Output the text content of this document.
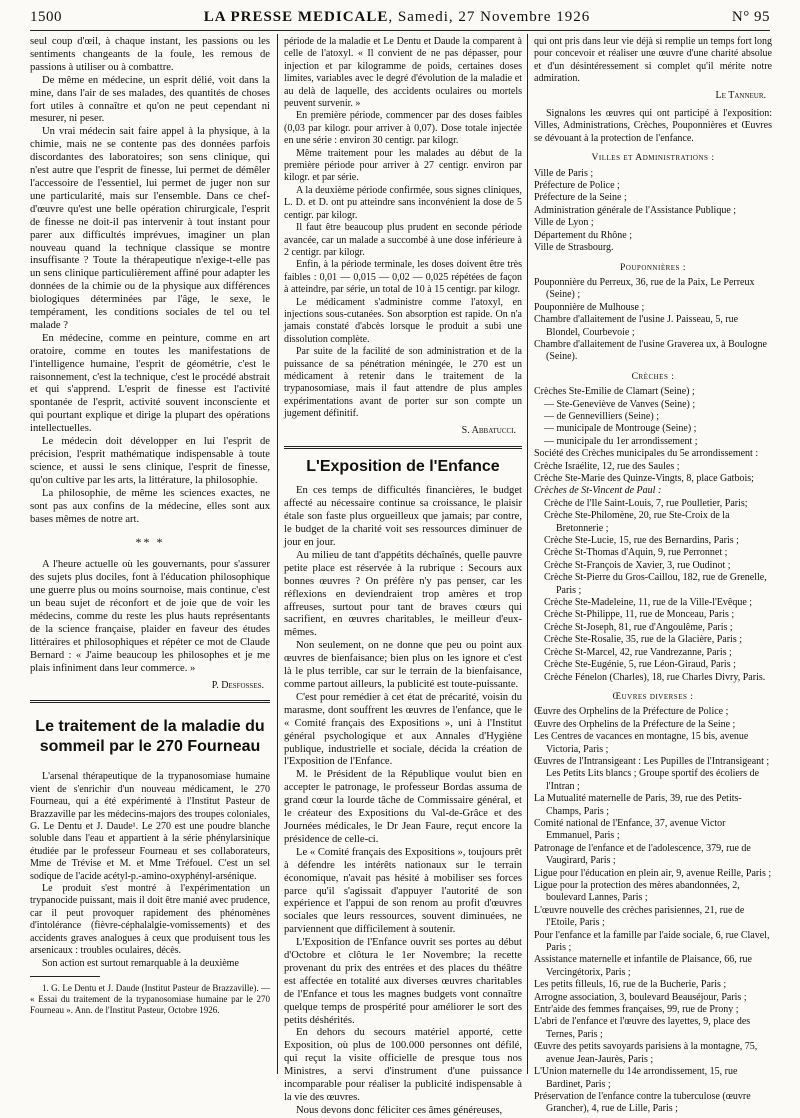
1500	LA PRESSE MEDICALE, Samedi, 27 Novembre 1926	N° 95

seul coup d'œil, à chaque instant, les passions ou les sentiments changeants de la foule, les remous de passions à utiliser ou à combattre.

De même en médecine, un esprit délié, voit dans la mine, dans l'air de ses malades, des quantités de choses fort utiles à connaître et qu'on ne peut cependant ni mesurer, ni peser.

Un vrai médecin sait faire appel à la physique, à la chimie, mais ne se contente pas des données parfois discordantes des laboratoires; son sens clinique, qui n'est autre que l'esprit de finesse, lui permet de démêler l'accessoire de l'essentiel, lui permet de juger non sur une particularité, mais sur l'ensemble. Dans ce chef-d'œuvre qu'est une belle opération chirurgicale, l'esprit de finesse ne doit-il pas intervenir à tout instant pour parer aux difficultés imprévues, imaginer un plan nouveau quand la technique classique se montre insuffisante ? Toute la thérapeutique n'exige-t-elle pas un sens clinique particulièrement affiné pour adapter les données de la chimie ou de la physique aux différences biologiques déterminées par l'âge, le sexe, le tempérament, les conditions sociales de tel ou tel malade ?

En médecine, comme en peinture, comme en art oratoire, comme en toutes les manifestations de l'intelligence humaine, l'esprit de géométrie, c'est le raisonnement, c'est la technique, c'est le procédé abstrait et qui s'apprend. L'esprit de finesse est l'activité spontanée de l'esprit, activité souvent inconsciente et qui pourtant explique et dirige la plupart des opérations intellectuelles.

Le médecin doit développer en lui l'esprit de précision, l'esprit mathématique indispensable à toute science, et aussi le sens clinique, l'esprit de finesse, qu'on cultive par les arts, la littérature, la philosophie.

La philosophie, de même les sciences exactes, ne sont pas aux confins de la médecine, elles sont aux bases mêmes de notre art.

** *

A l'heure actuelle où les gouvernants, pour s'assurer des sujets plus dociles, font à l'éducation philosophique une guerre plus ou moins sournoise, mais continue, c'est un beau sujet de réconfort et de joie que de voir les médecins, comme du reste les plus hauts représentants de la science française, plaider en faveur des études littéraires et philosophiques et répéter ce mot de Claude Bernard : « J'aime beaucoup les philosophes et je me plais infiniment dans leur commerce. »

P. Desfosses.
Le traitement de la maladie du sommeil par le 270 Fourneau

L'arsenal thérapeutique de la trypanosomiase humaine vient de s'enrichir d'un nouveau médicament, le 270 Fourneau, qui a été expérimenté à l'Institut Pasteur de Brazzaville par les médecins-majors des troupes coloniales, G. Le Dentu et J. Daude¹. Le 270 est une poudre blanche soluble dans l'eau et appartient à la série phénylarsinique étudiée par le professeur Fourneau et ses collaborateurs, Mme de Trévise et M. et Mme Tréfouel. C'est un sel sodique de l'acide acétyl-p.-amino-oxyphényl-arsénique.

Le produit s'est montré à l'expérimentation un trypanocide puissant, mais il doit être manié avec prudence, car il peut provoquer rapidement des phénomènes d'intolérance (fièvre-céphalalgie-vomissements) et des accidents graves analogues à ceux que produisent tous les arsenicaux : troubles oculaires, décès.

Son action est surtout remarquable à la deuxième

1. G. Le Dentu et J. Daude (Institut Pasteur de Brazzaville). — « Essai du traitement de la trypanosomiase humaine par le 270 Fourneau ». Ann. de l'Institut Pasteur, Octobre 1926.

période de la maladie et Le Dentu et Daude la comparent à celle de l'atoxyl. « Il convient de ne pas dépasser, pour injection et par kilogramme de poids, certaines doses limites, variables avec le degré d'évolution de la maladie et au delà de laquelle, des accidents oculaires ou mortels peuvent survenir. »

En première période, commencer par des doses faibles (0,03 par kilogr. pour arriver à 0,07). Dose totale injectée en une série : environ 30 centigr. par kilogr.

Même traitement pour les malades au début de la première période pour arriver à 27 centigr. environ par kilogr. et par série.

A la deuxième période confirmée, sous signes cliniques, L. D. et D. ont pu atteindre sans inconvénient la dose de 5 centigr. par kilogr.

Il faut être beaucoup plus prudent en seconde période avancée, car un malade a succombé à une dose inférieure à 2 centigr. par kilogr.

Enfin, à la période terminale, les doses doivent être très faibles : 0,01 — 0,015 — 0,02 — 0,025 répétées de façon à atteindre, par série, un total de 10 à 15 centigr. par kilogr.

Le médicament s'administre comme l'atoxyl, en injections sous-cutanées. Son absorption est rapide. On n'a jamais constaté d'abcès lorsque le produit a subi une dissolution complète.

Par suite de la facilité de son administration et de la puissance de sa pénétration méningée, le 270 est un médicament à retenir dans le traitement de la trypanosomiase, mais il faut attendre de plus amples expérimentations avant de porter sur son compte un jugement définitif.

S. Abbatucci.
L'Exposition de l'Enfance

En ces temps de difficultés financières, le budget affecté au nécessaire continue sa croissance, le plaisir étale son faste plus orgueilleux que jamais; par contre, le budget de la charité voit ses ressources diminuer de jour en jour.

Au milieu de tant d'appétits déchaînés, quelle pauvre petite place est réservée à la rubrique : Secours aux bonnes œuvres ? On préfère n'y pas penser, car les réflexions en deviendraient trop amères et trop affreuses, surtout pour tant de braves cœurs qui sacrifient, en œuvres charitables, le meilleur d'eux-mêmes.

Non seulement, on ne donne que peu ou point aux œuvres de bienfaisance; bien plus on les ignore et c'est là le plus terrible, car sur le terrain de la bienfaisance, comme partout ailleurs, la publicité est toute-puissante.

C'est pour remédier à cet état de précarité, voisin du marasme, dont souffrent les œuvres de l'enfance, que le « Comité français des Expositions », uni à l'Institut général psychologique et aux Annales d'Hygiène publique, industrielle et sociale, décida la création de l'Exposition de l'Enfance.

M. le Président de la République voulut bien en accepter le patronage, le professeur Bordas assuma de grand cœur la lourde tâche de Commissaire général, et le créateur des Expositions du Val-de-Grâce et des Journées médicales, le Dr Jean Faure, reçut encore la présidence de celle-ci.

Le « Comité français des Expositions », toujours prêt à défendre les intérêts nationaux sur le terrain économique, n'avait pas hésité à mobiliser ses forces parce qu'il s'agissait d'appuyer l'autorité de son expérience et l'appui de son renom au profit d'œuvres sociales que leurs ressources, souvent diminuées, ne parviennent que difficilement à soutenir.

L'Exposition de l'Enfance ouvrit ses portes au début d'Octobre et clôtura le 1er Novembre; la recette provenant du prix des entrées et des places du théâtre est affectée en totalité aux diverses œuvres charitables de l'Enfance et tous les magnes budgets vont connaître quelque temps de prospérité pour améliorer le sort des petits déshérités.

En dehors du secours matériel apporté, cette Exposition, où plus de 100.000 personnes ont défilé, qui reçut la visite officielle de presque tous nos Ministres, a servi d'instrument d'une puissance incomparable pour réaliser la publicité indispensable à la vie des œuvres.

Nous devons donc féliciter ces âmes généreuses,

qui ont pris dans leur vie déjà si remplie un temps fort long pour concevoir et réaliser une œuvre d'une charité absolue et d'un désintéressement si complet qu'il mérite notre admiration.

Le Tanneur.

Signalons les œuvres qui ont participé à l'exposition: Villes, Administrations, Crèches, Pouponnières et Œuvres se dévouant à la protection de l'enfance.

Villes et Administrations :
Ville de Paris ;
Préfecture de Police ;
Préfecture de la Seine ;
Administration générale de l'Assistance Publique ;
Ville de Lyon ;
Département du Rhône ;
Ville de Strasbourg.
Pouponnières :
Pouponnière du Perreux, 36, rue de la Paix, Le Perreux (Seine) ;
Pouponnière de Mulhouse ;
Chambre d'allaitement de l'usine J. Paisseau, 5, rue Blondel, Courbevoie ;
Chambre d'allaitement de l'usine Graverea ux, à Boulogne (Seine).
Crèches :
Crèches Ste-Emilie de Clamart (Seine) ;
— Ste-Geneviève de Vanves (Seine) ;
— de Gennevilliers (Seine) ;
— municipale de Montrouge (Seine) ;
— municipale du 1er arrondissement ;
Société des Crèches municipales du 5e arrondissement :
Crèche Israélite, 12, rue des Saules ;
Crèche Ste-Marie des Quinze-Vingts, 8, place Gatbois;
Crèches de St-Vincent de Paul :
Crèche de l'Ile Saint-Louis, 7, rue Poulletier, Paris;
Crèche Ste-Philomène, 20, rue Ste-Croix de la Bretonnerie ;
Crèche Ste-Lucie, 15, rue des Bernardins, Paris ;
Crèche St-Thomas d'Aquin, 9, rue Perronnet ;
Crèche St-François de Xavier, 3, rue Oudinot ;
Crèche St-Pierre du Gros-Caillou, 182, rue de Grenelle, Paris ;
Crèche Ste-Madeleine, 11, rue de la Ville-l'Evêque ;
Crèche St-Philippe, 11, rue de Monceau, Paris ;
Crèche St-Joseph, 81, rue d'Angoulême, Paris ;
Crèche Ste-Rosalie, 35, rue de la Glacière, Paris ;
Crèche St-Marcel, 42, rue Vandrezanne, Paris ;
Crèche Ste-Eugénie, 5, rue Léon-Giraud, Paris ;
Crèche Fénelon (Charles), 18, rue Charles Divry, Paris.
Œuvres diverses :
Œuvre des Orphelins de la Préfecture de Police ;
Œuvre des Orphelins de la Préfecture de la Seine ;
Les Centres de vacances en montagne, 15 bis, avenue Victoria, Paris ;
Œuvres de l'Intransigeant : Les Pupilles de l'Intransigeant ; Les Petits Lits blancs ; Groupe sportif des écoliers de l'Intran ;
La Mutualité maternelle de Paris, 39, rue des Petits-Champs, Paris ;
Comité national de l'Enfance, 37, avenue Victor Emmanuel, Paris ;
Patronage de l'enfance et de l'adolescence, 379, rue de Vaugirard, Paris ;
Ligue pour l'éducation en plein air, 9, avenue Reille, Paris ;
Ligue pour la protection des mères abandonnées, 2, boulevard Lannes, Paris ;
L'œuvre nouvelle des crèches parisiennes, 21, rue de l'Etoile, Paris ;
Pour l'enfance et la famille par l'aide sociale, 6, rue Clavel, Paris ;
Assistance maternelle et infantile de Plaisance, 66, rue Vercingétorix, Paris ;
Les petits filleuls, 16, rue de la Bucherie, Paris ;
Arrogne association, 3, boulevard Beauséjour, Paris ;
Entr'aide des femmes françaises, 99, rue de Prony ;
L'abri de l'enfance et l'œuvre des layettes, 9, place des Ternes, Paris ;
Œuvre des petits savoyards parisiens à la montagne, 75, avenue Jean-Jaurès, Paris ;
L'Union maternelle du 14e arrondissement, 15, rue Bardinet, Paris ;
Préservation de l'enfance contre la tuberculose (œuvre Grancher), 4, rue de Lille, Paris ;
